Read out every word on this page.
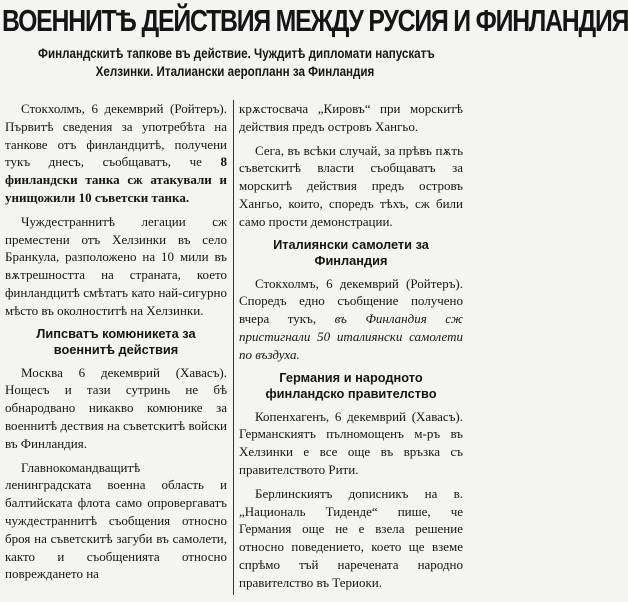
ВОЕННИТѢ ДЕЙСТВИЯ МЕЖДУ РУСИЯ И ФИНЛАНДИЯ
Финландскитѣ тапкове въ действие. Чуждитѣ дипломати напускатъ
Хелзинки. Италиански аеропланн за Финландия

Стокхолмъ, 6 декемврий (Ройтеръ). Първитѣ сведения за употребѣта на танкове отъ финландцитѣ, получени тукъ днесъ, съобщаватъ, че 8 финландски танка сж атакували и унищожили 10 съветски танка.

Чуждестраннитѣ легации сж преместени отъ Хелзинки въ село Бранкула, разположено на 10 мили въ вѫтрешността на страната, което финландцитѣ смѣтатъ като най-сигурно мѣсто въ околноститѣ на Хелзинки.

Липсватъ комюникета за военнитѣ действия

Москва 6 декемврий (Хавасъ). Нощесъ и тази сутринь не бѣ обнародвано никакво комюнике за военнитѣ дествия на съветскитѣ войски въ Финландия.

Главнокомандващитѣ ленинградската военна область и балтийската флота само опровергаватъ чуждестраннитѣ съобщения относно броя на съветскитѣ загуби въ самолети, както и съобщенията относно повреждането на

крѫстосвача „Кировъ“ при морскитѣ действия предъ островъ Хангьо.

Сега, въ всѣки случай, за прѣвъ пѫть съветскитѣ власти съобщаватъ за морскитѣ действия предъ островъ Хангьо, които, споредъ тѣхъ, сж били само прости демонстрации.

Италиянски самолети за Финландия

Стокхолмъ, 6 декемврий (Ройтеръ). Споредъ едно съобщение получено вчера тукъ, въ Финландия сж пристигнали 50 италиянски самолети по въздуха.

Германия и народното финландско правителство

Копенхагенъ, 6 декемврий (Хавасъ). Германскиятъ пълномощенъ м-ръ въ Хелзинки е все още въ връзка съ правителството Рити.

Берлинскиятъ дописникъ на в. „Националь Тиденде“ пише, че Германия още не е взела решение относно поведението, което ще вземе спрѣмо тъй наречената народно правителство въ Териоки.
